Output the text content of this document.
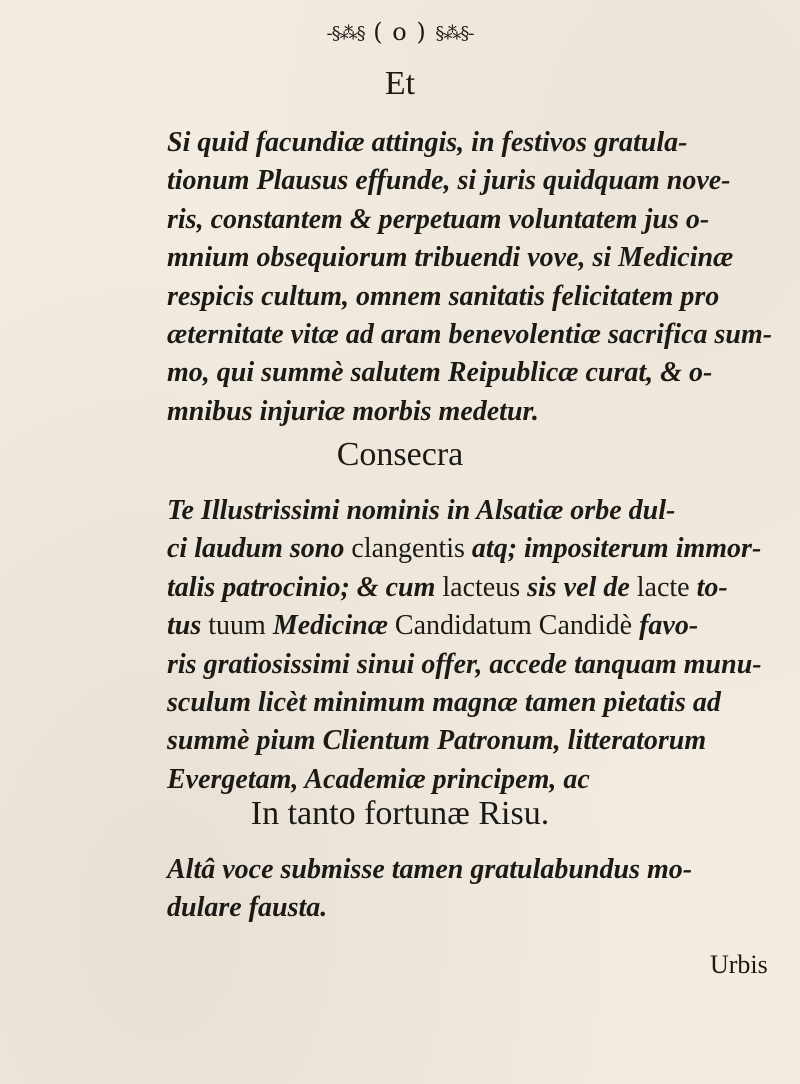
-§⁂§ ( o ) §⁂§-
Et
Si quid facundiæ attingis, in festivos gratula-
tionum Plausus effunde, si juris quidquam nove-
ris, constantem & perpetuam voluntatem jus o-
mnium obsequiorum tribuendi vove, si Medicinæ
respicis cultum, omnem sanitatis felicitatem pro
æternitate vitæ ad aram benevolentiæ sacrifica sum-
mo, qui summè salutem Reipublicæ curat, & o-
mnibus injuriæ morbis medetur.
Consecra
Te Illustrissimi nominis in Alsatiæ orbe dul-
ci laudum sono clangentis atq; impositerum immor-
talis patrocinio; & cum lacteus sis vel de lacte to-
tus tuum Medicinæ Candidatum Candidè favo-
ris gratiosissimi sinui offer, accede tanquam munu-
sculum licèt minimum magnæ tamen pietatis ad
summè pium Clientum Patronum, litteratorum
Evergetam, Academiæ principem, ac
In tanto fortunæ Risu.
Altâ voce submisse tamen gratulabundus mo-
dulare fausta.
Urbis
